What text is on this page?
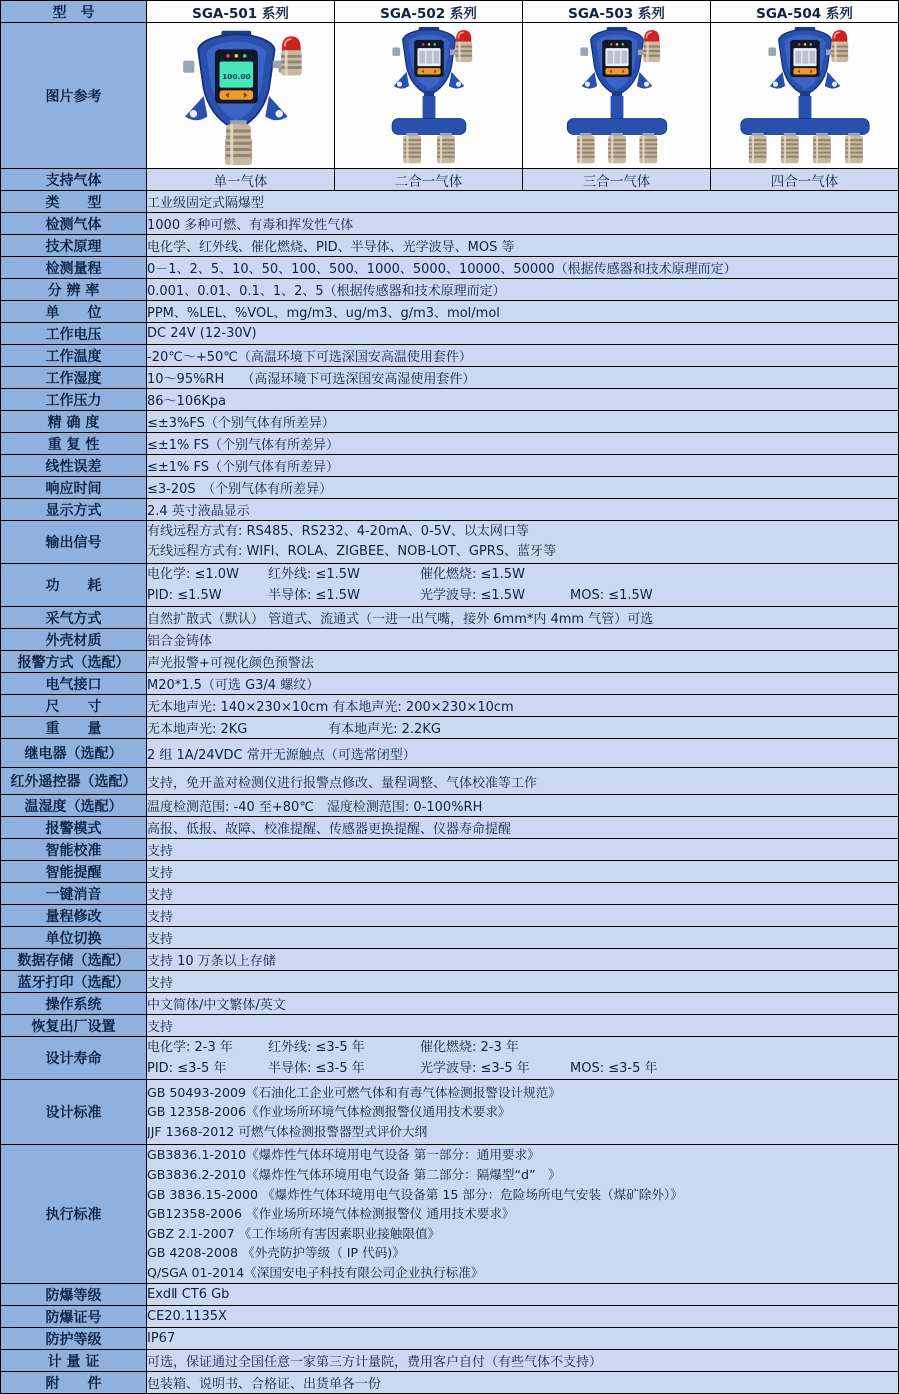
型　号	SGA-501 系列	SGA-502 系列	SGA-503 系列	SGA-504 系列
图片参考	100.00

支持气体	单一气体	二合一气体	三合一气体	四合一气体
类　　型	工业级固定式隔爆型			
检测气体	1000 多种可燃、有毒和挥发性气体			
技术原理	电化学、红外线、催化燃烧、PID、半导体、光学波导、MOS 等			
检测量程	0－1、2、5、10、50、100、500、1000、5000、10000、50000（根据传感器和技术原理而定）			
分 辨 率	0.001、0.01、0.1、1、2、5（根据传感器和技术原理而定）			
单　　位	PPM、%LEL、%VOL、mg/m3、ug/m3、g/m3、mol/mol			
工作电压	DC 24V (12-30V)			
工作温度	-20℃～+50℃（高温环境下可选深国安高温使用套件）			
工作湿度	10～95%RH　 （高湿环境下可选深国安高湿使用套件）			
工作压力	86～106Kpa			
精 确 度	≤±3%FS（个别气体有所差异）			
重 复 性	≤±1% FS（个别气体有所差异）			
线性误差	≤±1% FS（个别气体有所差异）			
响应时间	≤3-20S　（个别气体有所差异）			
显示方式	2.4 英寸液晶显示			
输出信号	有线远程方式有: RS485、RS232、4-20mA、0-5V、以太网口等
无线远程方式有: WIFI、ROLA、ZIGBEE、NOB-LOT、GPRS、蓝牙等			

功　　耗	
电化学: ≤1.0W	红外线: ≤1.5W	催化燃烧: ≤1.5W
PID: ≤1.5W	半导体: ≤1.5W	光学波导: ≤1.5W	MOS: ≤1.5W

采气方式	自然扩散式（默认） 管道式、流通式（一进一出气嘴，接外 6mm*内 4mm 气管）可选			
外壳材质	铝合金铸体			
报警方式（选配）	声光报警+可视化颜色预警法			
电气接口	M20*1.5（可选 G3/4 螺纹）			
尺　　寸	无本地声光: 140×230×10cm 有本地声光: 200×230×10cm			
重　　量	无本地声光: 2KG 有本地声光: 2.2KG			
继电器（选配）	2 组 1A/24VDC 常开无源触点（可选常闭型）			
红外遥控器（选配）	支持，免开盖对检测仪进行报警点修改、量程调整、气体校准等工作			
温湿度（选配）	温度检测范围: -40 至+80℃　湿度检测范围: 0-100%RH			
报警模式	高报、低报、故障、校准提醒、传感器更换提醒、仪器寿命提醒			
智能校准	支持			
智能提醒	支持			
一键消音	支持			
量程修改	支持			
单位切换	支持			
数据存储（选配）	支持 10 万条以上存储			
蓝牙打印（选配）	支持			
操作系统	中文简体/中文繁体/英文			
恢复出厂设置	支持			
设计寿命	
电化学: 2-3 年	红外线: ≤3-5 年	催化燃烧: 2-3 年
PID: ≤3-5 年	半导体: ≤3-5 年	光学波导: ≤3-5 年	MOS: ≤3-5 年

设计标准	GB 50493-2009《石油化工企业可燃气体和有毒气体检测报警设计规范》
GB 12358-2006《作业场所环境气体检测报警仪通用技术要求》
JJF 1368-2012 可燃气体检测报警器型式评价大纲			

执行标准	
GB3836.1-2010《爆炸性气体环境用电气设备 第一部分：通用要求》
GB3836.2-2010《爆炸性气体环境用电气设备 第二部分：隔爆型“d”　》
GB 3836.15-2000 《爆炸性气体环境用电气设备第 15 部分：危险场所电气安装（煤矿除外）》
GB12358-2006 《作业场所环境气体检测报警仪 通用技术要求》
GBZ 2.1-2007 《工作场所有害因素职业接触限值》
GB 4208-2008 《外壳防护等级（ IP 代码)》
Q/SGA 01-2014《深国安电子科技有限公司企业执行标准》

防爆等级	ExdⅡ CT6 Gb			
防爆证号	CE20.1135X			
防护等级	IP67			
计 量 证	可选，保证通过全国任意一家第三方计量院，费用客户自付（有些气体不支持）			
附　　件	包装箱、说明书、合格证、出货单各一份			
